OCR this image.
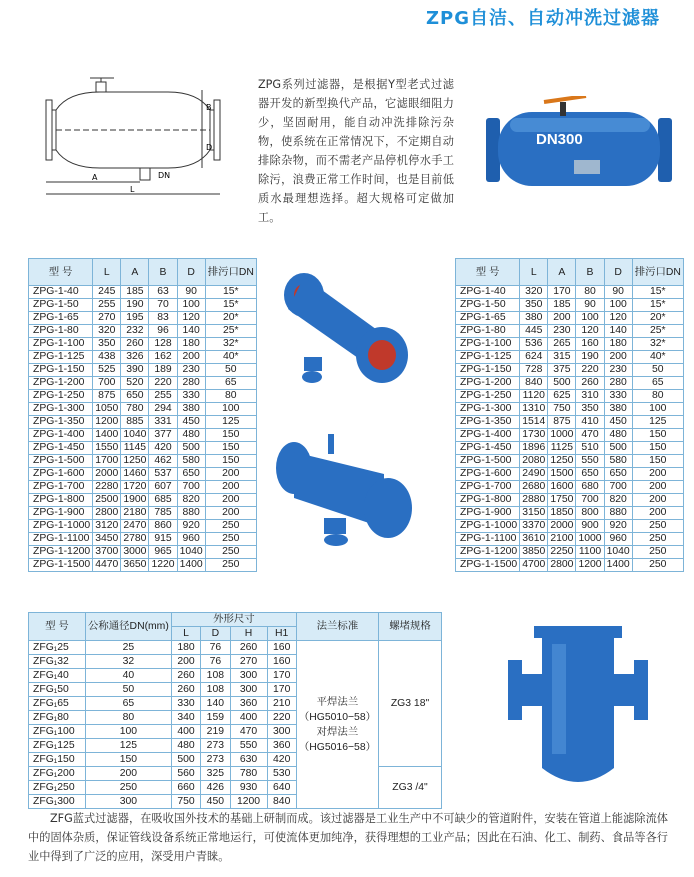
ZPG自洁、自动冲洗过滤器
A
L
B
D
DN
ZPG系列过滤器，是根据Y型老式过滤器开发的新型换代产品，它滤眼细阻力少，坚固耐用，能自动冲洗排除污杂物，使系统在正常情况下，不定期自动排除杂物，而不需老产品停机停水手工除污，浪费正常工作时间，也是目前低质水最理想选择。超大规格可定做加工。
DN300
型 号	L	A	B	D	排污口DN
ZPG-1-40	245	185	63	90	15*
ZPG-1-50	255	190	70	100	15*
ZPG-1-65	270	195	83	120	20*
ZPG-1-80	320	232	96	140	25*
ZPG-1-100	350	260	128	180	32*
ZPG-1-125	438	326	162	200	40*
ZPG-1-150	525	390	189	230	50
ZPG-1-200	700	520	220	280	65
ZPG-1-250	875	650	255	330	80
ZPG-1-300	1050	780	294	380	100
ZPG-1-350	1200	885	331	450	125
ZPG-1-400	1400	1040	377	480	150
ZPG-1-450	1550	1145	420	500	150
ZPG-1-500	1700	1250	462	580	150
ZPG-1-600	2000	1460	537	650	200
ZPG-1-700	2280	1720	607	700	200
ZPG-1-800	2500	1900	685	820	200
ZPG-1-900	2800	2180	785	880	200
ZPG-1-1000	3120	2470	860	920	250
ZPG-1-1100	3450	2780	915	960	250
ZPG-1-1200	3700	3000	965	1040	250
ZPG-1-1500	4470	3650	1220	1400	250
型 号	L	A	B	D	排污口DN
ZPG-1-40	320	170	80	90	15*
ZPG-1-50	350	185	90	100	15*
ZPG-1-65	380	200	100	120	20*
ZPG-1-80	445	230	120	140	25*
ZPG-1-100	536	265	160	180	32*
ZPG-1-125	624	315	190	200	40*
ZPG-1-150	728	375	220	230	50
ZPG-1-200	840	500	260	280	65
ZPG-1-250	1120	625	310	330	80
ZPG-1-300	1310	750	350	380	100
ZPG-1-350	1514	875	410	450	125
ZPG-1-400	1730	1000	470	480	150
ZPG-1-450	1896	1125	510	500	150
ZPG-1-500	2080	1250	550	580	150
ZPG-1-600	2490	1500	650	650	200
ZPG-1-700	2680	1600	680	700	200
ZPG-1-800	2880	1750	700	820	200
ZPG-1-900	3150	1850	800	880	200
ZPG-1-1000	3370	2000	900	920	250
ZPG-1-1100	3610	2100	1000	960	250
ZPG-1-1200	3850	2250	1100	1040	250
ZPG-1-1500	4700	2800	1200	1400	250
型 号	公称通径DN(mm)	外形尺寸				法兰标准	螺堵规格
		L	D	H	H1		
ZFG₁25	25	180	76	260	160	平焊法兰（HG5010−58）对焊法兰（HG5016−58）	ZG3 18"
ZFG₁32	32	200	76	270	160		
ZFG₁40	40	260	108	300	170		
ZFG₁50	50	260	108	300	170		
ZFG₁65	65	330	140	360	210		
ZFG₁80	80	340	159	400	220		
ZFG₁100	100	400	219	470	300		
ZFG₁125	125	480	273	550	360		
ZFG₁150	150	500	273	630	420		
ZFG₁200	200	560	325	780	530		ZG3 /4"
ZFG₁250	250	660	426	930	640		
ZFG₁300	300	750	450	1200	840		
ZFG蓝式过滤器，在吸收国外技术的基础上研制而成。该过滤器是工业生产中不可缺少的管道附件，安装在管道上能滤除流体中的固体杂质，保证管线设备系统正常地运行，可使流体更加纯净，获得理想的工业产品；因此在石油、化工、制药、食品等各行业中得到了广泛的应用，深受用户青睐。
